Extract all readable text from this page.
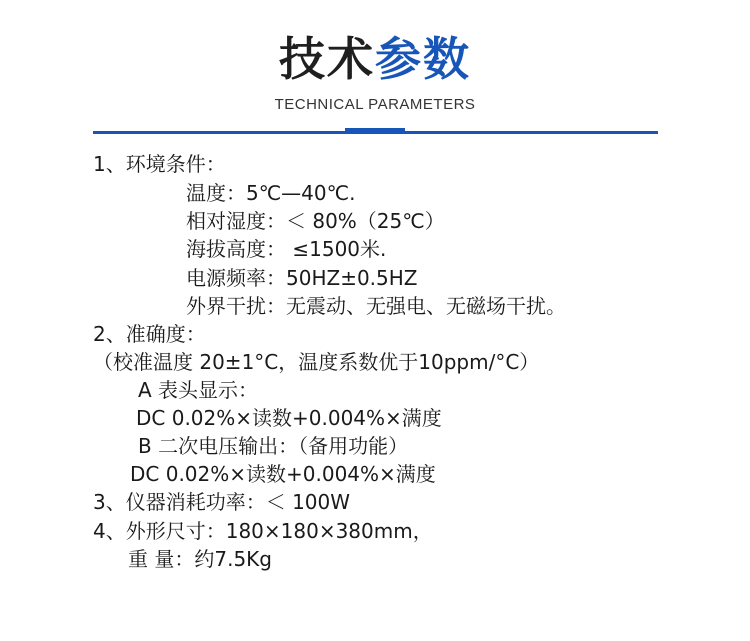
技术参数
TECHNICAL PARAMETERS
1、环境条件：
温度：5℃—40℃.
相对湿度：＜ 80%（25℃）
海拔高度： ≤1500米.
电源频率：50HZ±0.5HZ
外界干扰：无震动、无强电、无磁场干扰。
2、准确度：
（校准温度 20±1°C，温度系数优于10ppm/°C）
A 表头显示：
DC 0.02%×读数+0.004%×满度
B 二次电压输出：（备用功能）
DC 0.02%×读数+0.004%×满度
3、仪器消耗功率：＜ 100W
4、外形尺寸：180×180×380mm，
重 量：约7.5Kg
